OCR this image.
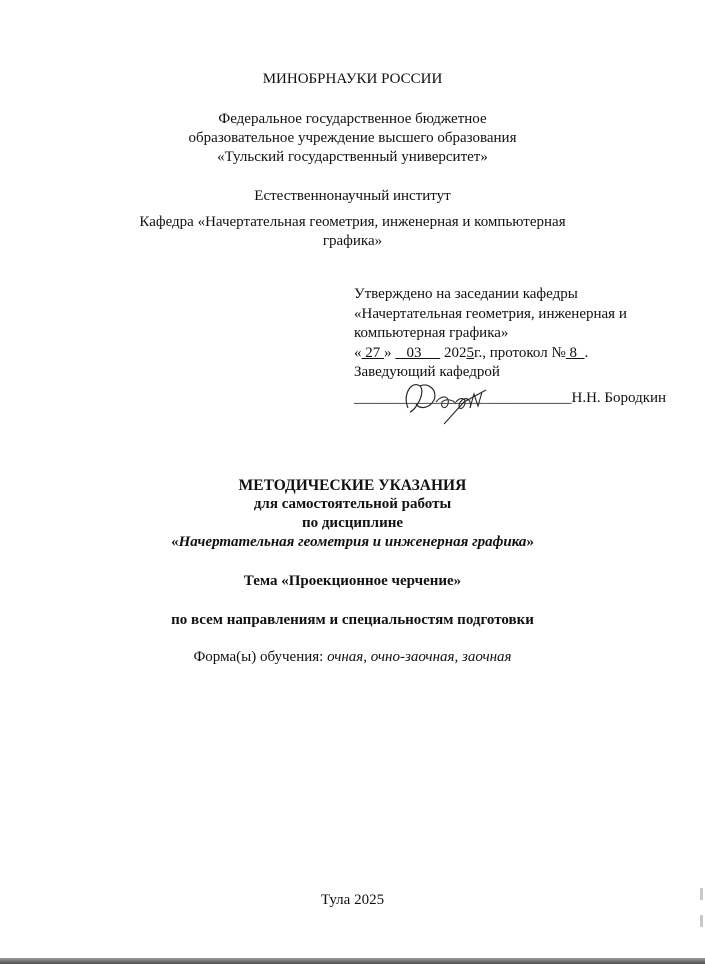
МИНОБРНАУКИ РОССИИ
Федеральное государственное бюджетное
образовательное учреждение высшего образования
«Тульский государственный университет»
Естественнонаучный институт
Кафедра «Начертательная геометрия, инженерная и компьютерная
графика»
Утверждено на заседании кафедры
«Начертательная геометрия, инженерная и
компьютерная графика»
« 27 »    03      2025г., протокол № 8  .
Заведующий кафедрой
_____________________________Н.Н. Бородкин
МЕТОДИЧЕСКИЕ УКАЗАНИЯ
для самостоятельной работы
по дисциплине
«Начертательная геометрия и инженерная графика»
Тема «Проекционное черчение»
по всем направлениям и специальностям подготовки
Форма(ы) обучения: очная, очно-заочная, заочная
Тула 2025
